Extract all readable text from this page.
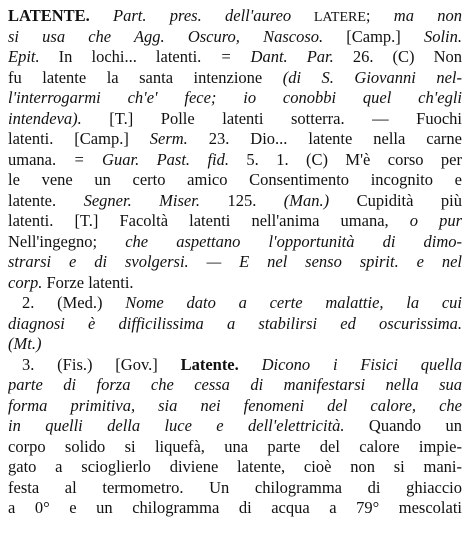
LATENTE. Part. pres. dell'aureo LATERE; ma non
si usa che Agg. Oscuro, Nascoso. [Camp.] Solin.
Epit. In lochi... latenti. = Dant. Par. 26. (C) Non
fu latente la santa intenzione (di S. Giovanni nel-
l'interrogarmi ch'e' fece; io conobbi quel ch'egli
intendeva). [T.] Polle latenti sotterra. — Fuochi
latenti. [Camp.] Serm. 23. Dio... latente nella carne
umana. = Guar. Past. fid. 5. 1. (C) M'è corso per
le vene un certo amico Consentimento incognito e
latente. Segner. Miser. 125. (Man.) Cupidità più
latenti. [T.] Facoltà latenti nell'anima umana, o pur
Nell'ingegno; che aspettano l'opportunità di dimo-
strarsi e di svolgersi. — E nel senso spirit. e nel
corp. Forze latenti.
2. (Med.) Nome dato a certe malattie, la cui
diagnosi è difficilissima a stabilirsi ed oscurissima.
(Mt.)
3. (Fis.) [Gov.] Latente. Dicono i Fisici quella
parte di forza che cessa di manifestarsi nella sua
forma primitiva, sia nei fenomeni del calore, che
in quelli della luce e dell'elettricità. Quando un
corpo solido si liquefà, una parte del calore impie-
gato a scioglierlo diviene latente, cioè non si mani-
festa al termometro. Un chilogramma di ghiaccio
a 0° e un chilogramma di acqua a 79° mescolati
